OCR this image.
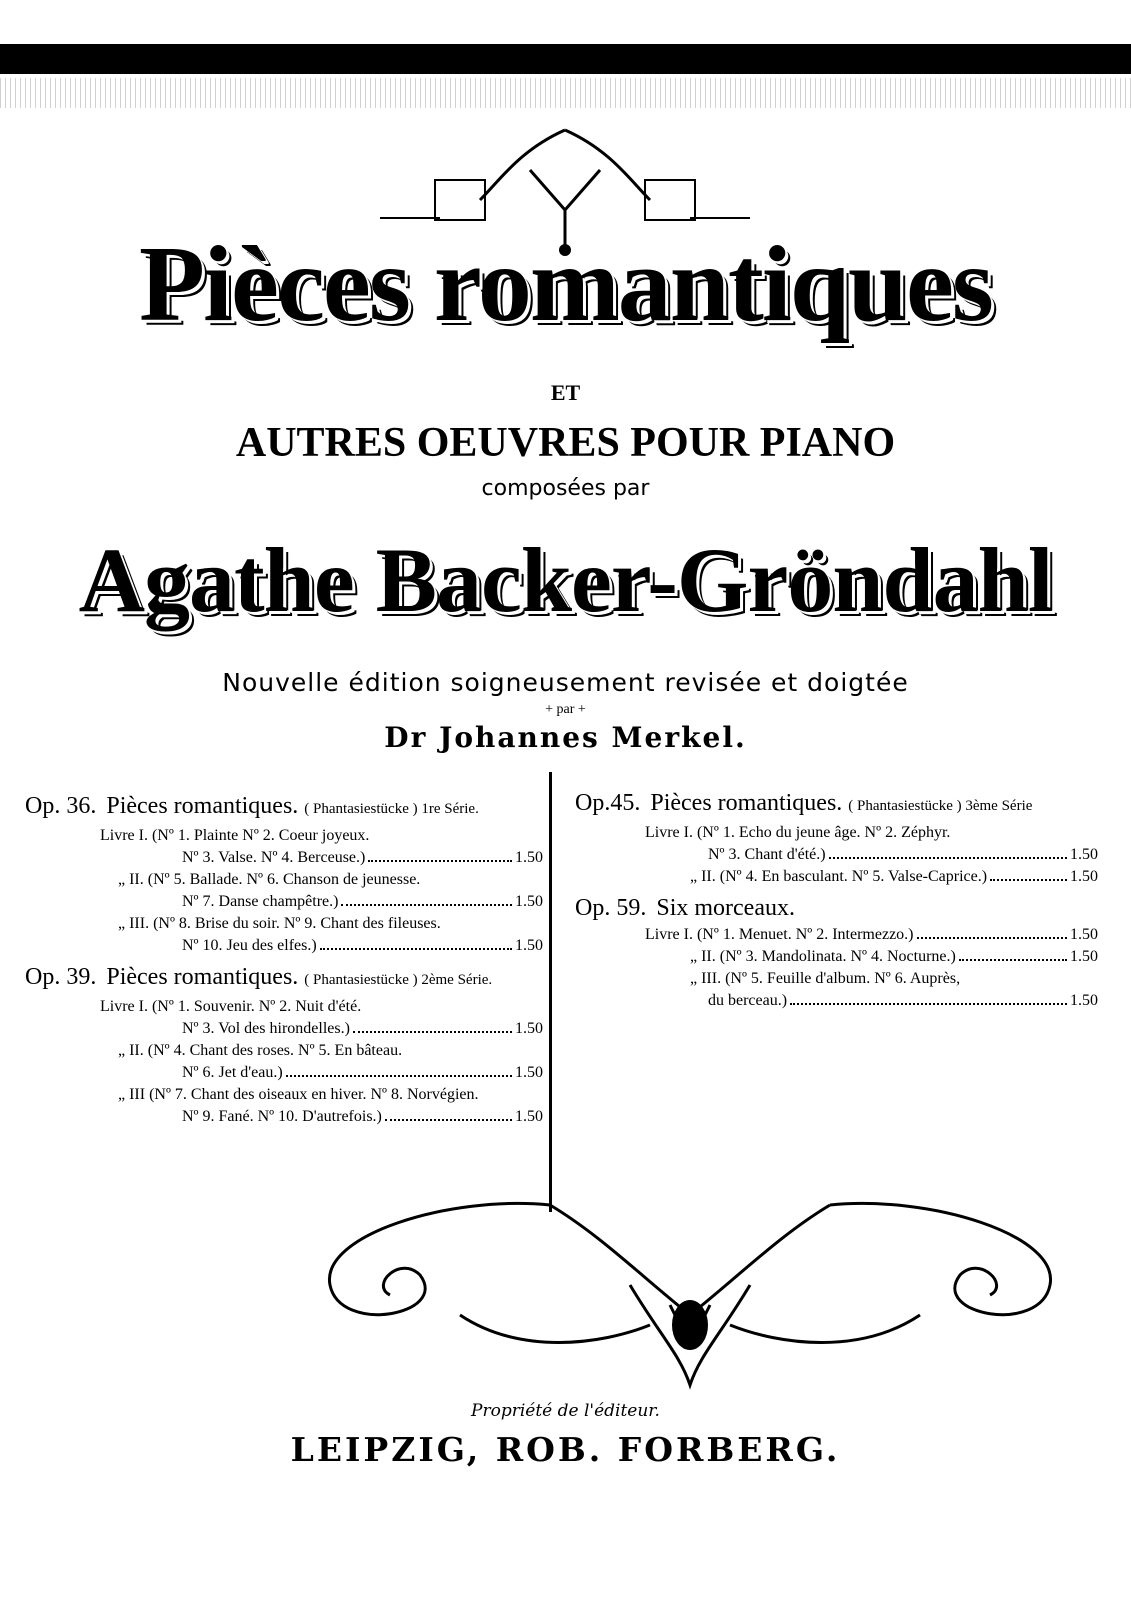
Pièces romantiques
ET
AUTRES OEUVRES POUR PIANO
composées par
Agathe Backer-Gröndahl
Nouvelle édition soigneusement revisée et doigtée
+ par +
Dr Johannes Merkel.
Op. 36. Pièces romantiques. ( Phantasiestücke ) 1re Série.
Livre I. (Nº 1. Plainte Nº 2. Coeur joyeux.
Nº 3. Valse. Nº 4. Berceuse.)	1.50
„ II. (Nº 5. Ballade. Nº 6. Chanson de jeunesse.
Nº 7. Danse champêtre.)	1.50
„ III. (Nº 8. Brise du soir. Nº 9. Chant des fileuses.
Nº 10. Jeu des elfes.)	1.50
Op. 39. Pièces romantiques. ( Phantasiestücke ) 2ème Série.
Livre I. (Nº 1. Souvenir. Nº 2. Nuit d'été.
Nº 3. Vol des hirondelles.)	1.50
„ II. (Nº 4. Chant des roses. Nº 5. En bâteau.
Nº 6. Jet d'eau.)	1.50
„ III (Nº 7. Chant des oiseaux en hiver. Nº 8. Norvégien.
Nº 9. Fané. Nº 10. D'autrefois.)	1.50
Op.45. Pièces romantiques. ( Phantasiestücke ) 3ème Série
Livre I. (Nº 1. Echo du jeune âge. Nº 2. Zéphyr.
Nº 3. Chant d'été.)	1.50
„ II. (Nº 4. En basculant. Nº 5. Valse-Caprice.)	1.50
Op. 59. Six morceaux.
Livre I. (Nº 1. Menuet. Nº 2. Intermezzo.)	1.50
„ II. (Nº 3. Mandolinata. Nº 4. Nocturne.)	1.50
„ III. (Nº 5. Feuille d'album. Nº 6. Auprès,
du berceau.)	1.50
Propriété de l'éditeur.
LEIPZIG, ROB. FORBERG.
